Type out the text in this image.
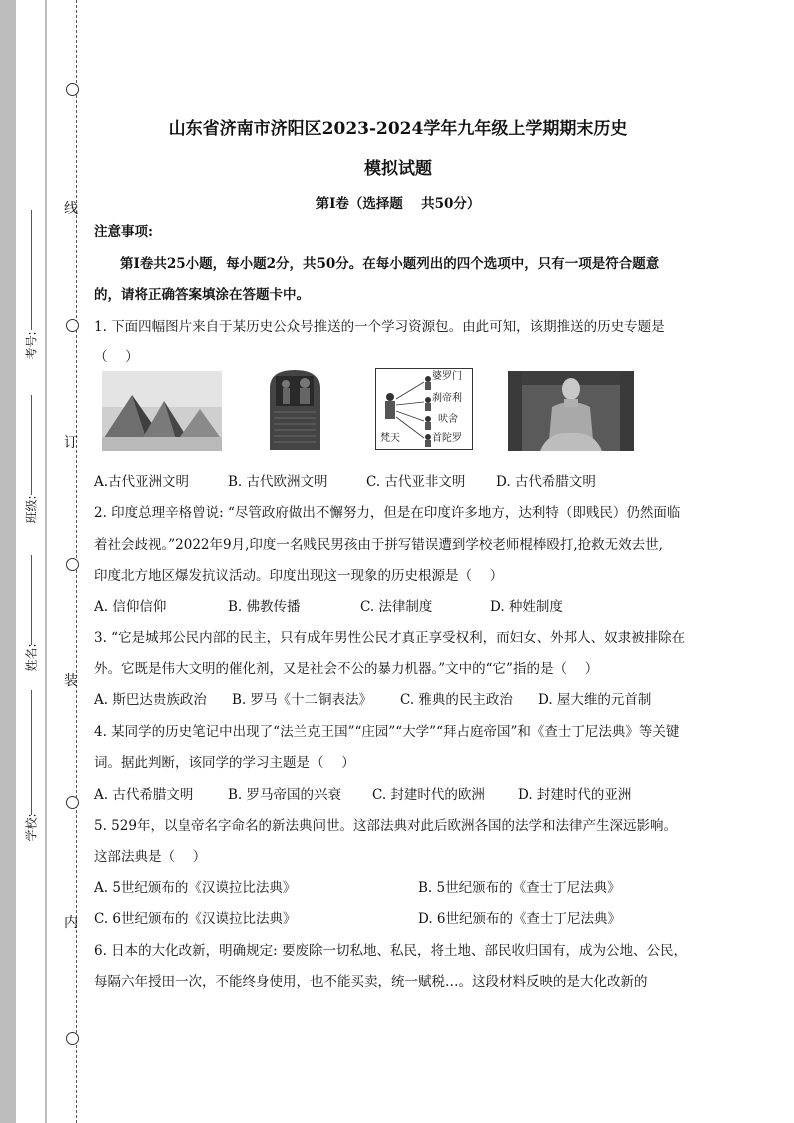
线
订
装
内
考号:
班级:
姓名:
学校:
山东省济南市济阳区2023-2024学年九年级上学期期末历史
模拟试题
第Ⅰ卷（选择题　 共50分）
注意事项:
第Ⅰ卷共25小题，每小题2分，共50分。在每小题列出的四个选项中，只有一项是符合题意
的，请将正确答案填涂在答题卡中。
1. 下面四幅图片来自于某历史公众号推送的一个学习资源包。由此可知，该期推送的历史专题是
（　 ）
婆罗门
刹帝利
吠舍
首陀罗
梵天
A.古代亚洲文明	B. 古代欧洲文明	C. 古代亚非文明 D. 古代希腊文明
2. 印度总理辛格曾说: “尽管政府做出不懈努力，但是在印度许多地方，达利特（即贱民）仍然面临
着社会歧视。”2022年9月,印度一名贱民男孩由于拼写错误遭到学校老师棍棒殴打,抢救无效去世,
印度北方地区爆发抗议活动。印度出现这一现象的历史根源是（　 ）
A. 信仰信仰	B. 佛教传播	C. 法律制度	D. 种姓制度
3. “它是城邦公民内部的民主，只有成年男性公民才真正享受权利，而妇女、外邦人、奴隶被排除在
外。它既是伟大文明的催化剂，又是社会不公的暴力机器。”文中的“它”指的是（　 ）
A. 斯巴达贵族政治 B. 罗马《十二铜表法》 C. 雅典的民主政治 D. 屋大维的元首制
4. 某同学的历史笔记中出现了“法兰克王国”“庄园”“大学”“拜占庭帝国”和《查士丁尼法典》等关键
词。据此判断，该同学的学习主题是（　 ）
A. 古代希腊文明	B. 罗马帝国的兴衰 C. 封建时代的欧洲 D. 封建时代的亚洲
5. 529年，以皇帝名字命名的新法典问世。这部法典对此后欧洲各国的法学和法律产生深远影响。
这部法典是（　 ）
A. 5世纪颁布的《汉谟拉比法典》	B. 5世纪颁布的《查士丁尼法典》
C. 6世纪颁布的《汉谟拉比法典》	D. 6世纪颁布的《查士丁尼法典》
6. 日本的大化改新，明确规定: 要废除一切私地、私民，将土地、部民收归国有，成为公地、公民，
每隔六年授田一次，不能终身使用，也不能买卖，统一赋税…。这段材料反映的是大化改新的
